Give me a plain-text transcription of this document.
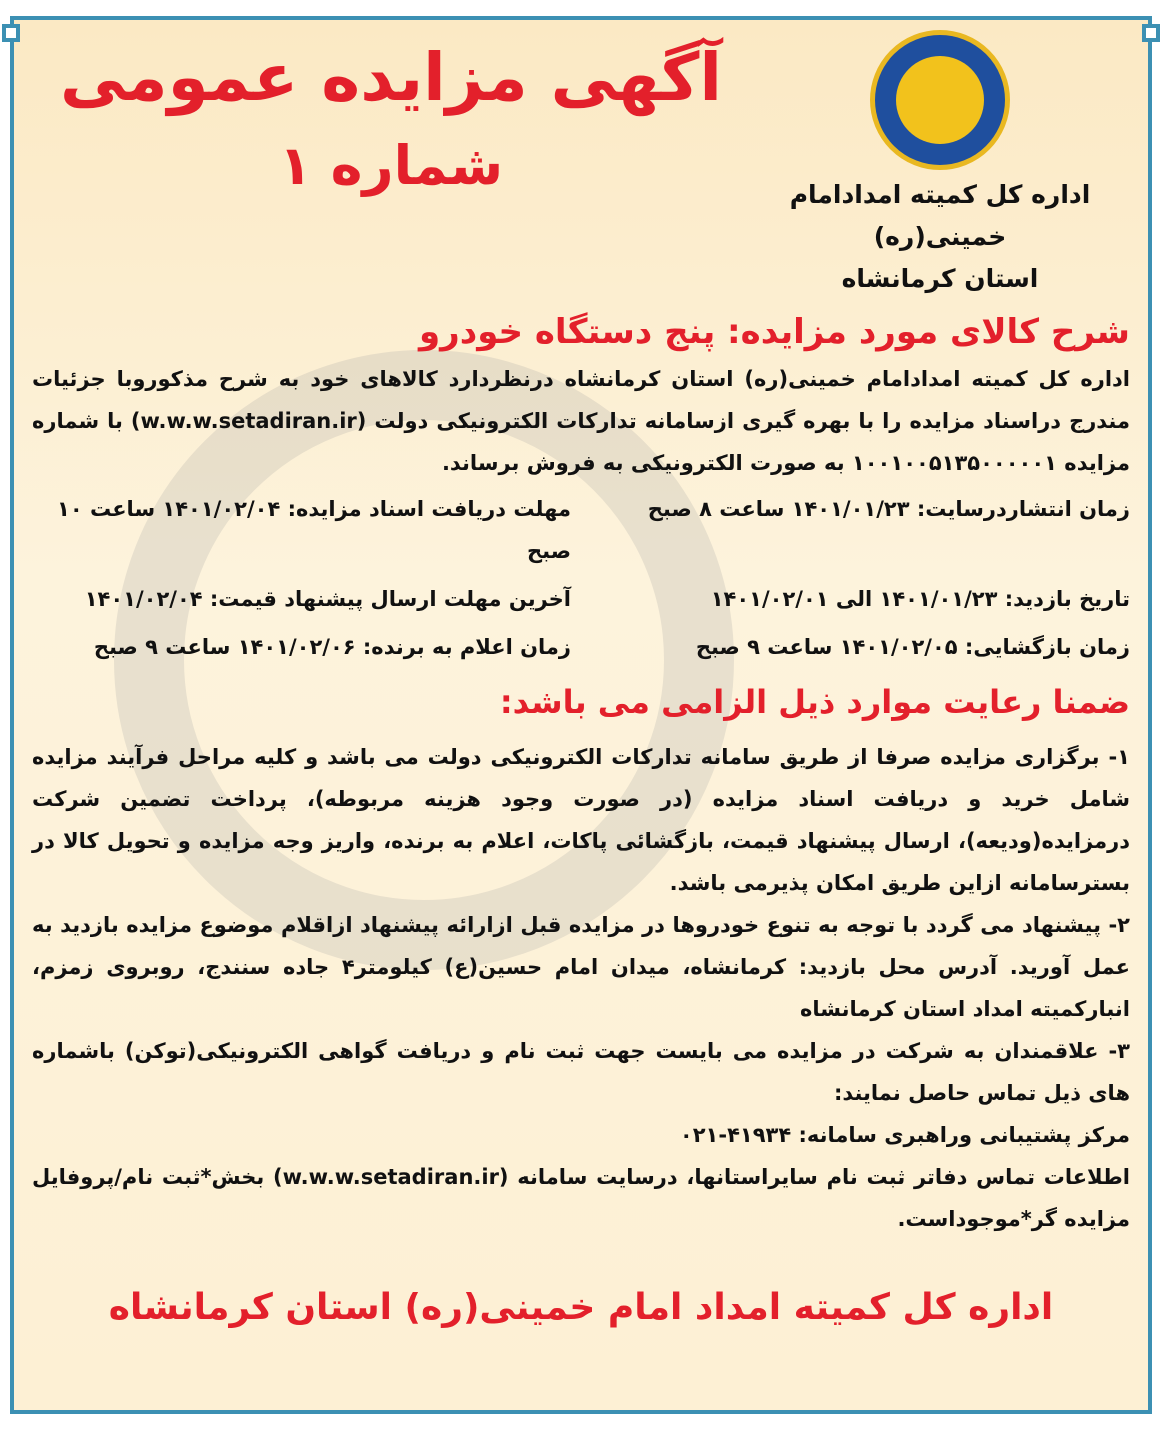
اداره کل کمیته امدادامام خمینی(ره)
استان کرمانشاه
آگهی مزایده عمومی
شماره ۱
شرح کالای مورد مزایده: پنج دستگاه خودرو
اداره کل کمیته امدادامام خمینی(ره) استان کرمانشاه درنظردارد کالاهای خود به شرح مذکوروبا جزئیات مندرج دراسناد مزایده را با بهره گیری ازسامانه تدارکات الکترونیکی دولت (w.w.w.setadiran.ir) با شماره مزایده ۱۰۰۱۰۰۵۱۳۵۰۰۰۰۰۱ به صورت الکترونیکی به فروش برساند.
زمان انتشاردرسایت: ۱۴۰۱/۰۱/۲۳ ساعت ۸ صبح
مهلت دریافت اسناد مزایده: ۱۴۰۱/۰۲/۰۴ ساعت ۱۰ صبح
تاریخ بازدید: ۱۴۰۱/۰۱/۲۳ الی ۱۴۰۱/۰۲/۰۱
آخرین مهلت ارسال پیشنهاد قیمت: ۱۴۰۱/۰۲/۰۴
زمان بازگشایی: ۱۴۰۱/۰۲/۰۵ ساعت ۹ صبح
زمان اعلام به برنده: ۱۴۰۱/۰۲/۰۶ ساعت ۹ صبح
ضمنا رعایت موارد ذیل الزامی می باشد:
۱- برگزاری مزایده صرفا از طریق سامانه تدارکات الکترونیکی دولت می باشد و کلیه مراحل فرآیند مزایده شامل خرید و دریافت اسناد مزایده (در صورت وجود هزینه مربوطه)، پرداخت تضمین شرکت درمزایده(ودیعه)، ارسال پیشنهاد قیمت، بازگشائی پاکات، اعلام به برنده، واریز وجه مزایده و تحویل کالا در بسترسامانه ازاین طریق امکان پذیرمی باشد.
۲- پیشنهاد می گردد با توجه به تنوع خودروها در مزایده قبل ازارائه پیشنهاد ازاقلام موضوع مزایده بازدید به عمل آورید. آدرس محل بازدید: کرمانشاه، میدان امام حسین(ع) کیلومتر۴ جاده سنندج، روبروی زمزم، انبارکمیته امداد استان کرمانشاه
۳- علاقمندان به شرکت در مزایده می بایست جهت ثبت نام و دریافت گواهی الکترونیکی(توکن) باشماره های ذیل تماس حاصل نمایند:
مرکز پشتیبانی وراهبری سامانه: ۴۱۹۳۴-۰۲۱
اطلاعات تماس دفاتر ثبت نام سایراستانها، درسایت سامانه (w.w.w.setadiran.ir) بخش*ثبت نام/پروفایل مزایده گر*موجوداست.
اداره کل کمیته امداد امام خمینی(ره) استان کرمانشاه
